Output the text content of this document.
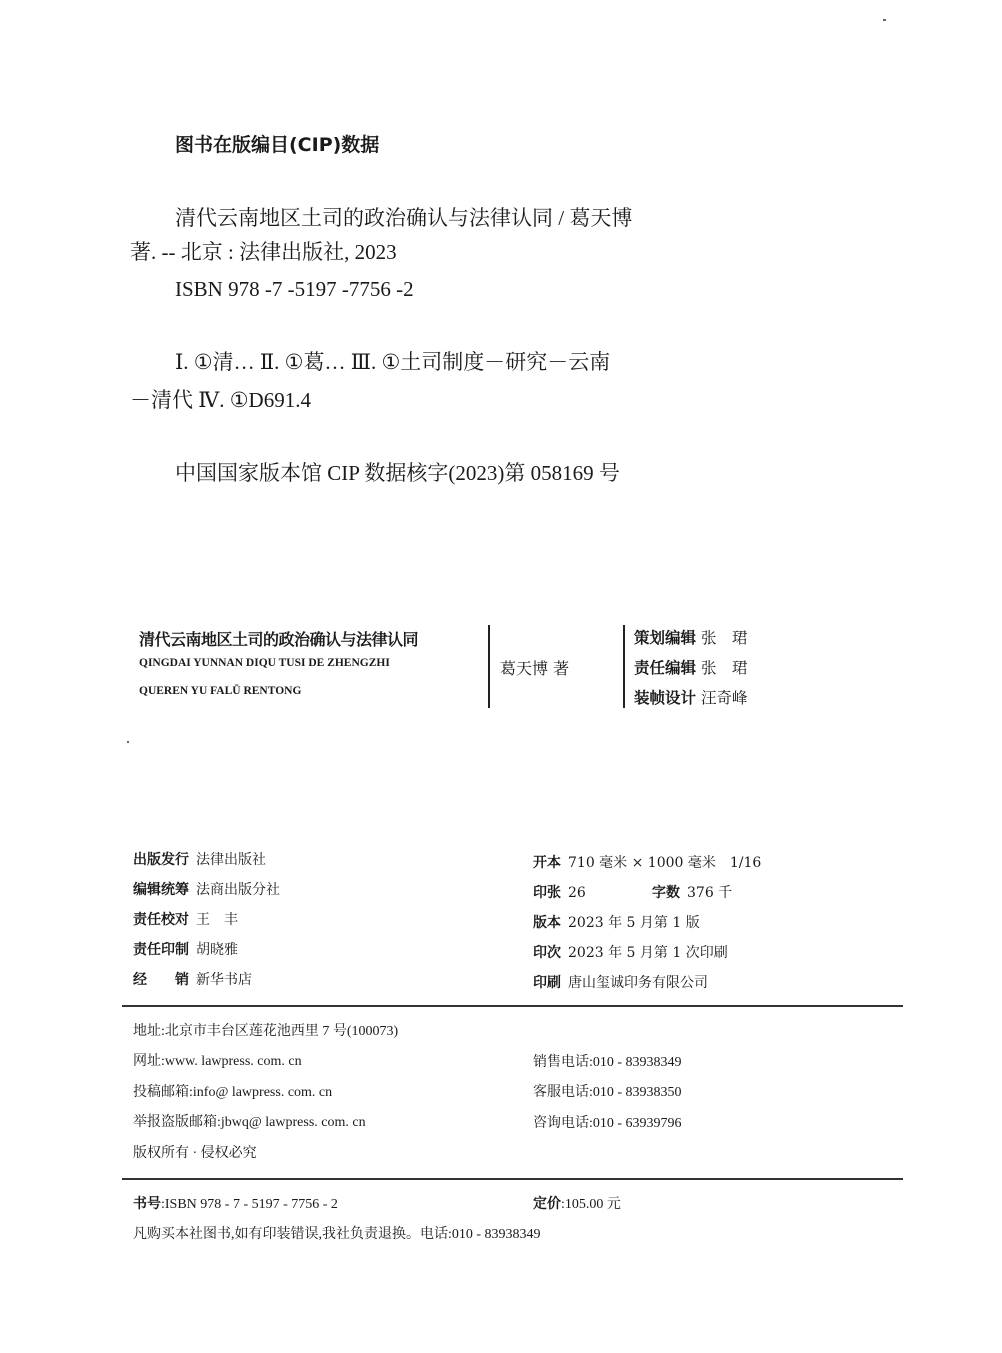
图书在版编目(CIP)数据
清代云南地区土司的政治确认与法律认同 / 葛天博
著. -- 北京 : 法律出版社, 2023
ISBN 978 -7 -5197 -7756 -2
Ⅰ. ①清… Ⅱ. ①葛… Ⅲ. ①土司制度－研究－云南
－清代 Ⅳ. ①D691.4
中国国家版本馆 CIP 数据核字(2023)第 058169 号
清代云南地区土司的政治确认与法律认同
QINGDAI YUNNAN DIQU TUSI DE ZHENGZHI
QUEREN YU FALŪ RENTONG
葛天博 著
策划编辑 张　珺
责任编辑 张　珺
装帧设计 汪奇峰
出版发行 法律出版社
编辑统筹 法商出版分社
责任校对 王　丰
责任印制 胡晓雅
经　　销 新华书店
开本 710 毫米 × 1000 毫米　1/16
印张 26	字数 376 千
版本 2023 年 5 月第 1 版
印次 2023 年 5 月第 1 次印刷
印刷 唐山玺诚印务有限公司
地址:北京市丰台区莲花池西里 7 号(100073)
网址:www. lawpress. com. cn
投稿邮箱:info@ lawpress. com. cn
举报盗版邮箱:jbwq@ lawpress. com. cn
版权所有 · 侵权必究
销售电话:010 - 83938349
客服电话:010 - 83938350
咨询电话:010 - 63939796
书号:ISBN 978 - 7 - 5197 - 7756 - 2	定价:105.00 元
凡购买本社图书,如有印装错误,我社负责退换。电话:010 - 83938349
